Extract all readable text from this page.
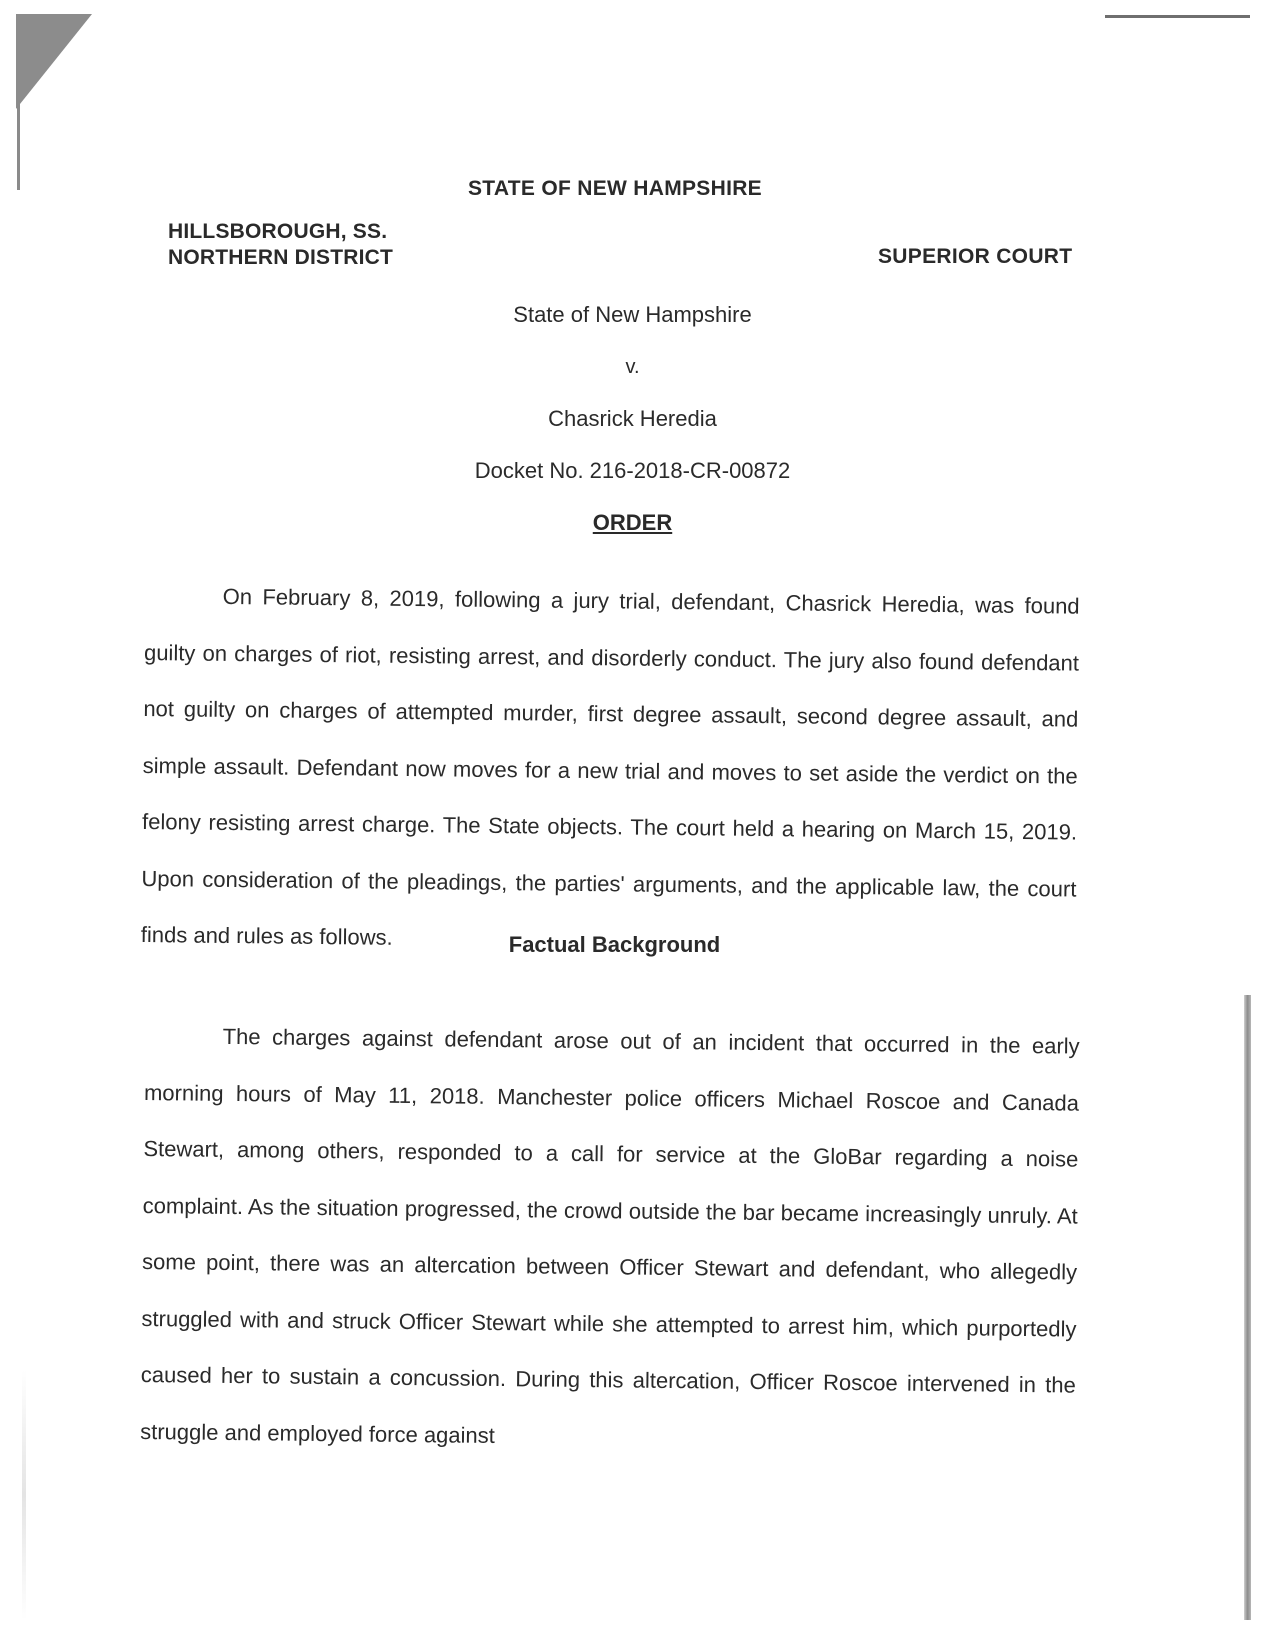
STATE OF NEW HAMPSHIRE
HILLSBOROUGH, SS.
NORTHERN DISTRICT	SUPERIOR COURT
State of New Hampshire
v.
Chasrick Heredia
Docket No. 216-2018-CR-00872
ORDER
On February 8, 2019, following a jury trial, defendant, Chasrick Heredia, was found guilty on charges of riot, resisting arrest, and disorderly conduct. The jury also found defendant not guilty on charges of attempted murder, first degree assault, second degree assault, and simple assault. Defendant now moves for a new trial and moves to set aside the verdict on the felony resisting arrest charge. The State objects. The court held a hearing on March 15, 2019. Upon consideration of the pleadings, the parties' arguments, and the applicable law, the court finds and rules as follows.	Factual Background
The charges against defendant arose out of an incident that occurred in the early morning hours of May 11, 2018. Manchester police officers Michael Roscoe and Canada Stewart, among others, responded to a call for service at the GloBar regarding a noise complaint. As the situation progressed, the crowd outside the bar became increasingly unruly. At some point, there was an altercation between Officer Stewart and defendant, who allegedly struggled with and struck Officer Stewart while she attempted to arrest him, which purportedly caused her to sustain a concussion. During this altercation, Officer Roscoe intervened in the struggle and employed force against
